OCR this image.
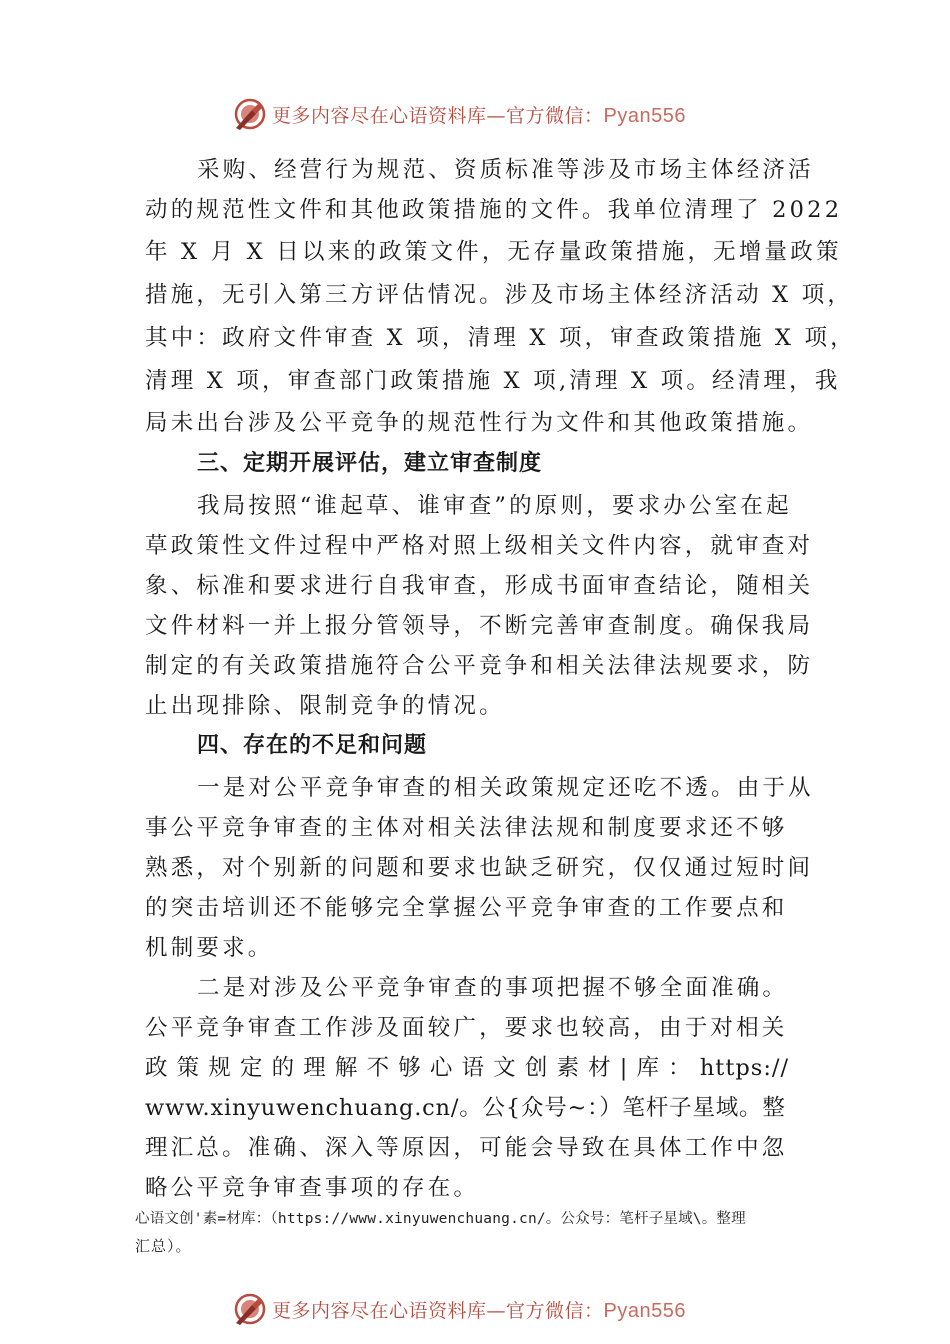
更多内容尽在心语资料库—官方微信：Pyan556
采购、经营行为规范、资质标准等涉及市场主体经济活
动的规范性文件和其他政策措施的文件。我单位清理了 2022
年 X 月 X 日以来的政策文件，无存量政策措施，无增量政策
措施，无引入第三方评估情况。涉及市场主体经济活动 X 项，
其中：政府文件审查 X 项，清理 X 项，审查政策措施 X 项，
清理 X 项，审查部门政策措施 X 项,清理 X 项。经清理，我
局未出台涉及公平竞争的规范性行为文件和其他政策措施。
三、定期开展评估，建立审查制度
我局按照“谁起草、谁审查”的原则，要求办公室在起
草政策性文件过程中严格对照上级相关文件内容，就审查对
象、标准和要求进行自我审查，形成书面审查结论，随相关
文件材料一并上报分管领导，不断完善审查制度。确保我局
制定的有关政策措施符合公平竞争和相关法律法规要求，防
止出现排除、限制竞争的情况。
四、存在的不足和问题
一是对公平竞争审查的相关政策规定还吃不透。由于从
事公平竞争审查的主体对相关法律法规和制度要求还不够
熟悉，对个别新的问题和要求也缺乏研究，仅仅通过短时间
的突击培训还不能够完全掌握公平竞争审查的工作要点和
机制要求。
二是对涉及公平竞争审查的事项把握不够全面准确。
公平竞争审查工作涉及面较广，要求也较高，由于对相关
政 策 规 定 的 理 解 不 够 心 语 文 创 素 材 | 库 ： https://
www.xinyuwenchuang.cn/。公{众号~：）笔杆子星域。整
理汇总。准确、深入等原因，可能会导致在具体工作中忽
略公平竞争审查事项的存在。
心语文创'素=材库：（https://www.xinyuwenchuang.cn/。公众号：笔杆子星域\。整理
汇总）。
更多内容尽在心语资料库—官方微信：Pyan556
